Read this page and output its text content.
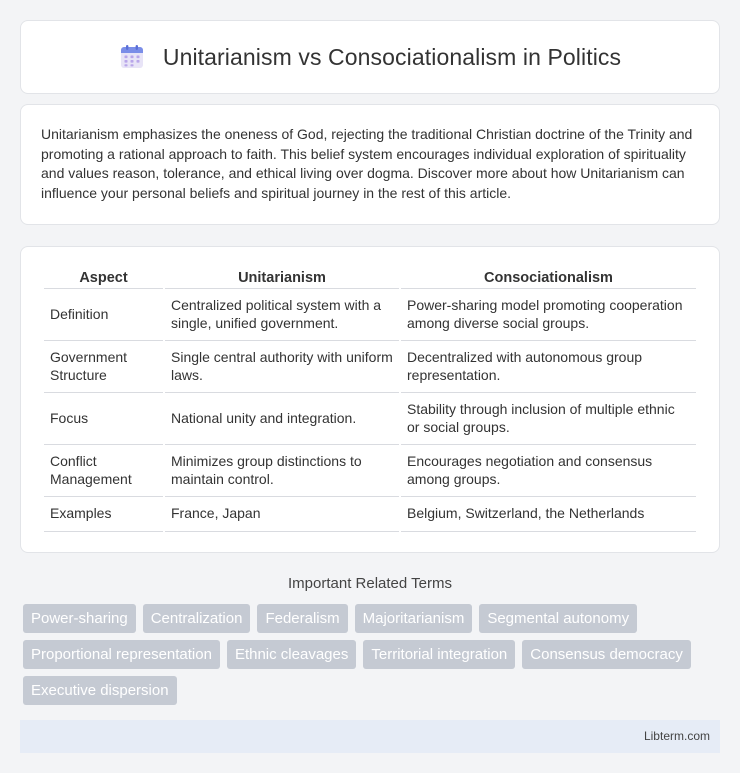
Unitarianism vs Consociationalism in Politics

Unitarianism emphasizes the oneness of God, rejecting the traditional Christian doctrine of the Trinity and promoting a rational approach to faith. This belief system encourages individual exploration of spirituality and values reason, tolerance, and ethical living over dogma. Discover more about how Unitarianism can influence your personal beliefs and spiritual journey in the rest of this article.

Aspect	Unitarianism	Consociationalism
Definition	Centralized political system with a single, unified government.	Power-sharing model promoting cooperation among diverse social groups.
Government Structure	Single central authority with uniform laws.	Decentralized with autonomous group representation.
Focus	National unity and integration.	Stability through inclusion of multiple ethnic or social groups.
Conflict Management	Minimizes group distinctions to maintain control.	Encourages negotiation and consensus among groups.
Examples	France, Japan	Belgium, Switzerland, the Netherlands
Important Related Terms
Power-sharing	Centralization	Federalism	Majoritarianism	Segmental autonomy
Proportional representation	Ethnic cleavages	Territorial integration	Consensus democracy
Executive dispersion
Libterm.com
